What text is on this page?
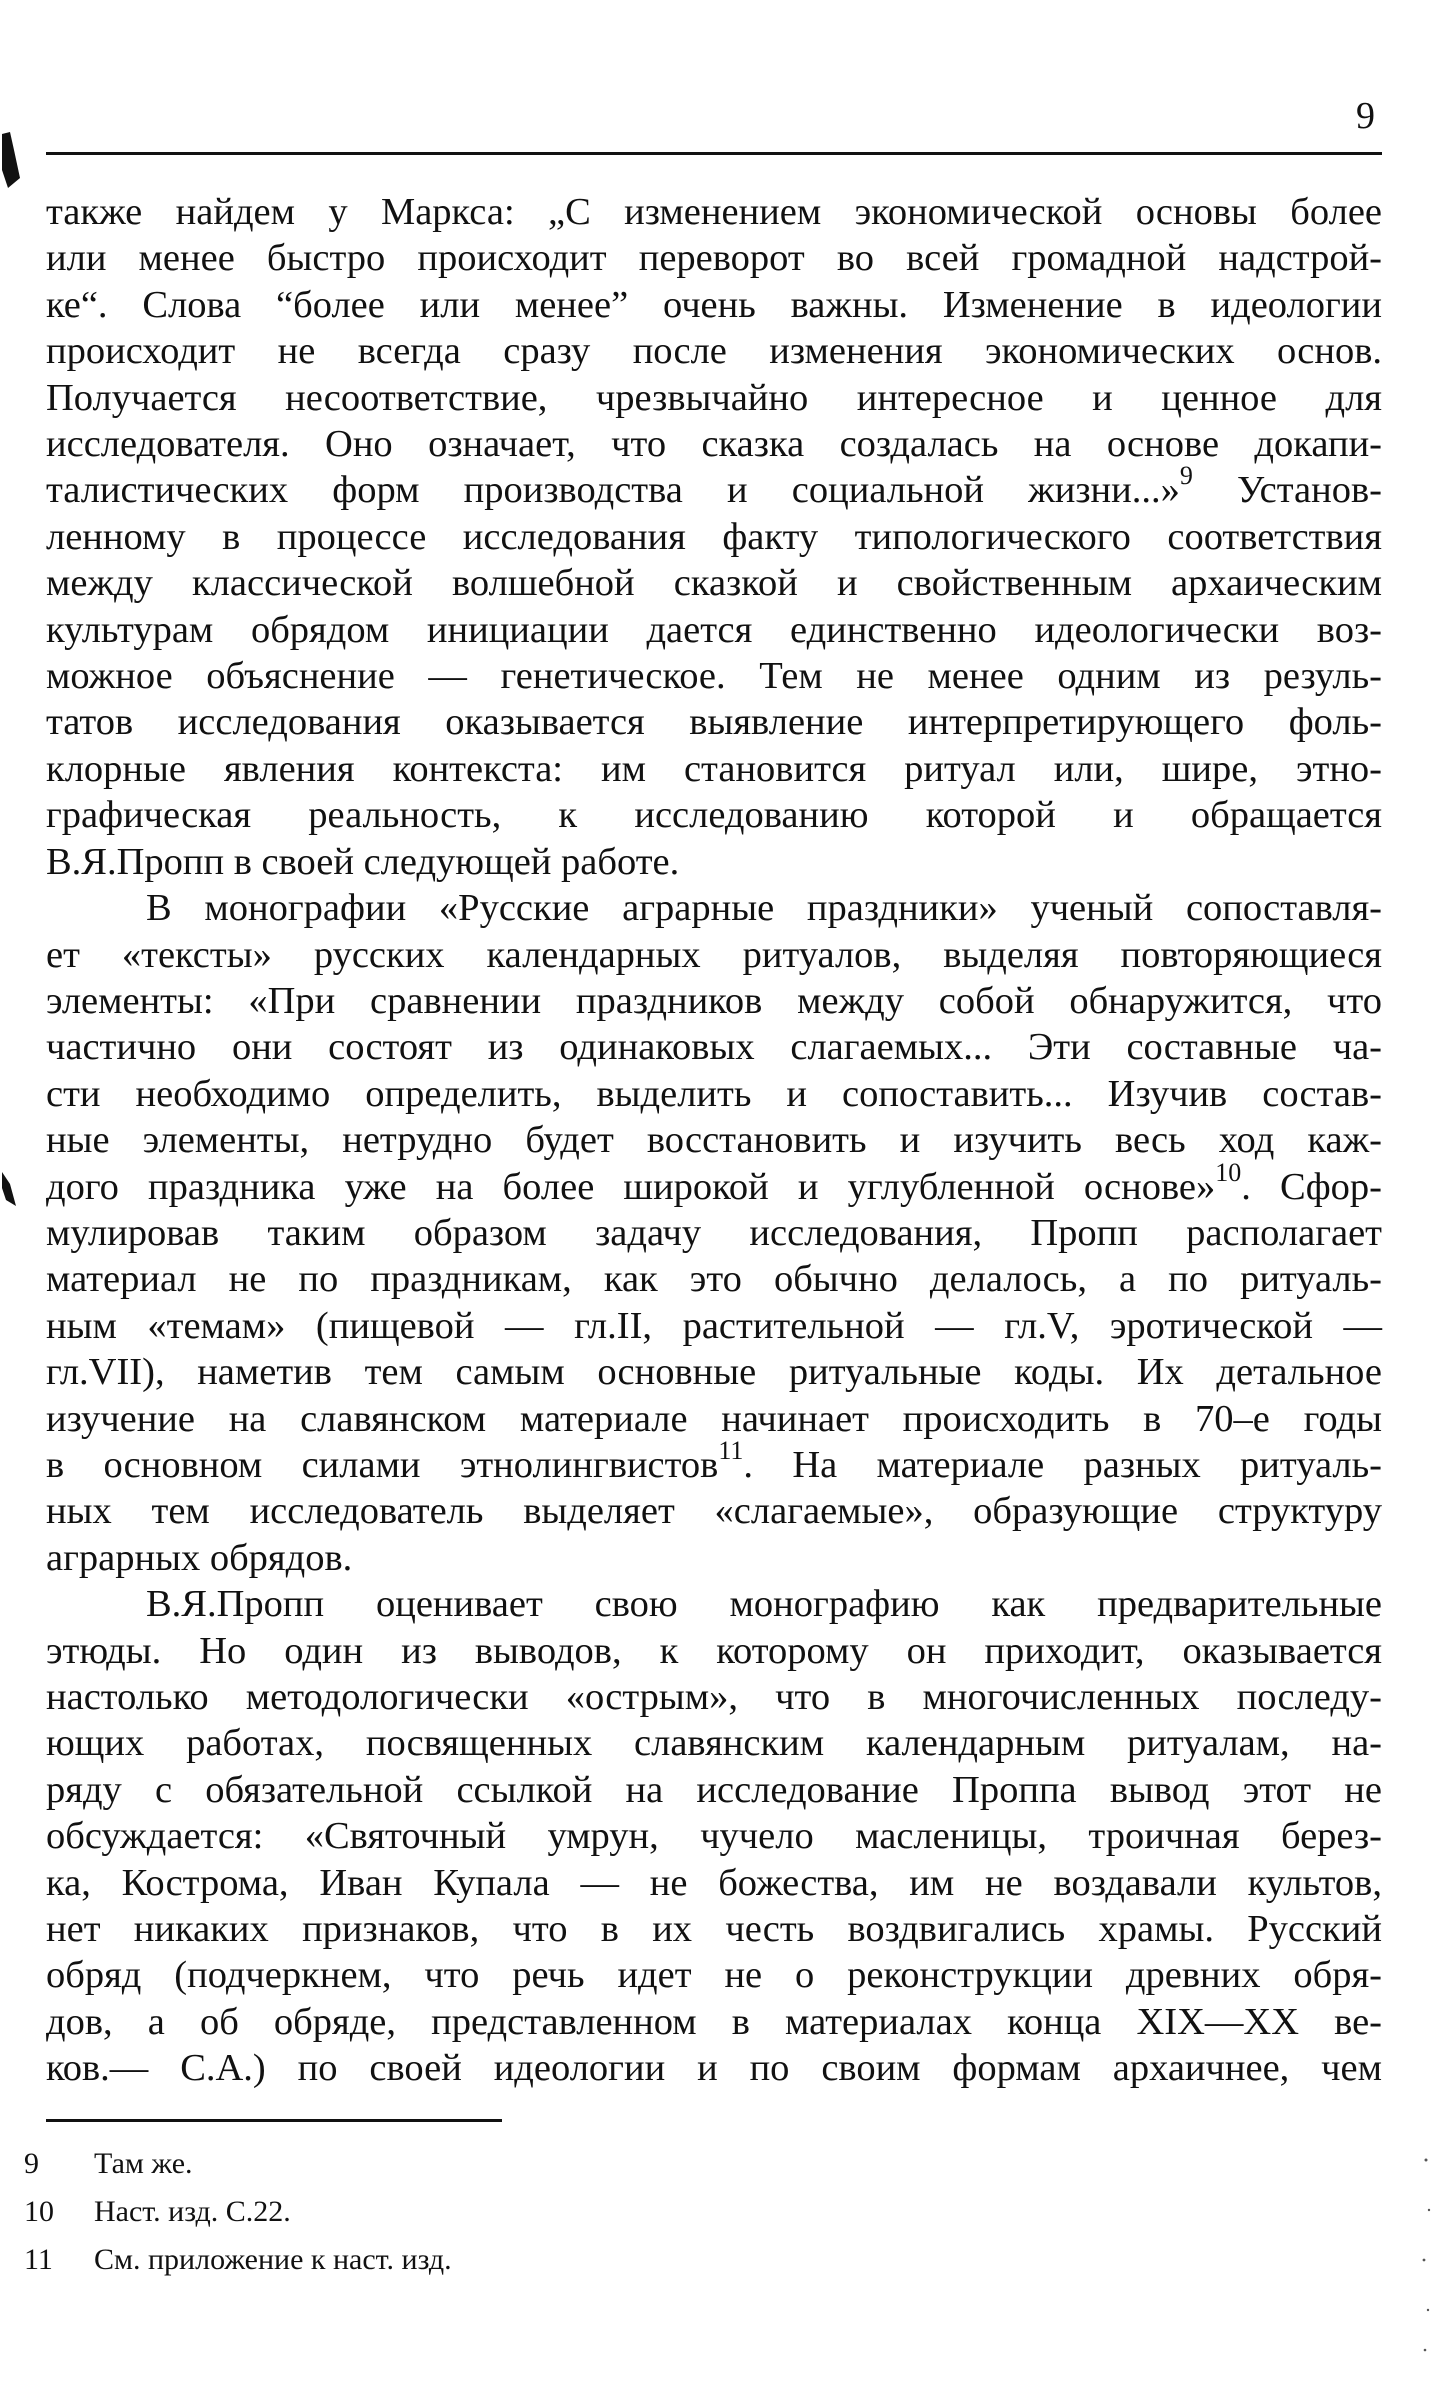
9
также найдем у Маркса: „С изменением экономической основы более
или менее быстро происходит переворот во всей громадной надстрой-
ке“. Слова “более или менее” очень важны. Изменение в идеологии
происходит не всегда сразу после изменения экономических основ.
Получается несоответствие, чрезвычайно интересное и ценное для
исследователя. Оно означает, что сказка создалась на основе докапи-
талистических форм производства и социальной жизни...»$^9$ Установ-
ленному в процессе исследования факту типологического соответствия
между классической волшебной сказкой и свойственным архаическим
культурам обрядом инициации дается единственно идеологически воз-
можное объяснение — генетическое. Тем не менее одним из резуль-
татов исследования оказывается выявление интерпретирующего фоль-
клорные явления контекста: им становится ритуал или, шире, этно-
графическая реальность, к исследованию которой и обращается
В.Я.Пропп в своей следующей работе.
В монографии «Русские аграрные праздники» ученый сопоставля-
ет «тексты» русских календарных ритуалов, выделяя повторяющиеся
элементы: «При сравнении праздников между собой обнаружится, что
частично они состоят из одинаковых слагаемых... Эти составные ча-
сти необходимо определить, выделить и сопоставить... Изучив состав-
ные элементы, нетрудно будет восстановить и изучить весь ход каж-
дого праздника уже на более широкой и углубленной основе»$^{10}$. Сфор-
мулировав таким образом задачу исследования, Пропп располагает
материал не по праздникам, как это обычно делалось, а по ритуаль-
ным «темам» (пищевой — гл.II, растительной — гл.V, эротической —
гл.VII), наметив тем самым основные ритуальные коды. Их детальное
изучение на славянском материале начинает происходить в 70–е годы
в основном силами этнолингвистов$^{11}$. На материале разных ритуаль-
ных тем исследователь выделяет «слагаемые», образующие структуру
аграрных обрядов.
В.Я.Пропп оценивает свою монографию как предварительные
этюды. Но один из выводов, к которому он приходит, оказывается
настолько методологически «острым», что в многочисленных последу-
ющих работах, посвященных славянским календарным ритуалам, на-
ряду с обязательной ссылкой на исследование Проппа вывод этот не
обсуждается: «Святочный умрун, чучело масленицы, троичная берез-
ка, Кострома, Иван Купала — не божества, им не воздавали культов,
нет никаких признаков, что в их честь воздвигались храмы. Русский
обряд (подчеркнем, что речь идет не о реконструкции древних обря-
дов, а об обряде, представленном в материалах конца XIX—XX ве-
ков.— С.А.) по своей идеологии и по своим формам архаичнее, чем
9	Там же.
10	Наст. изд. С.22.
11	См. приложение к наст. изд.
